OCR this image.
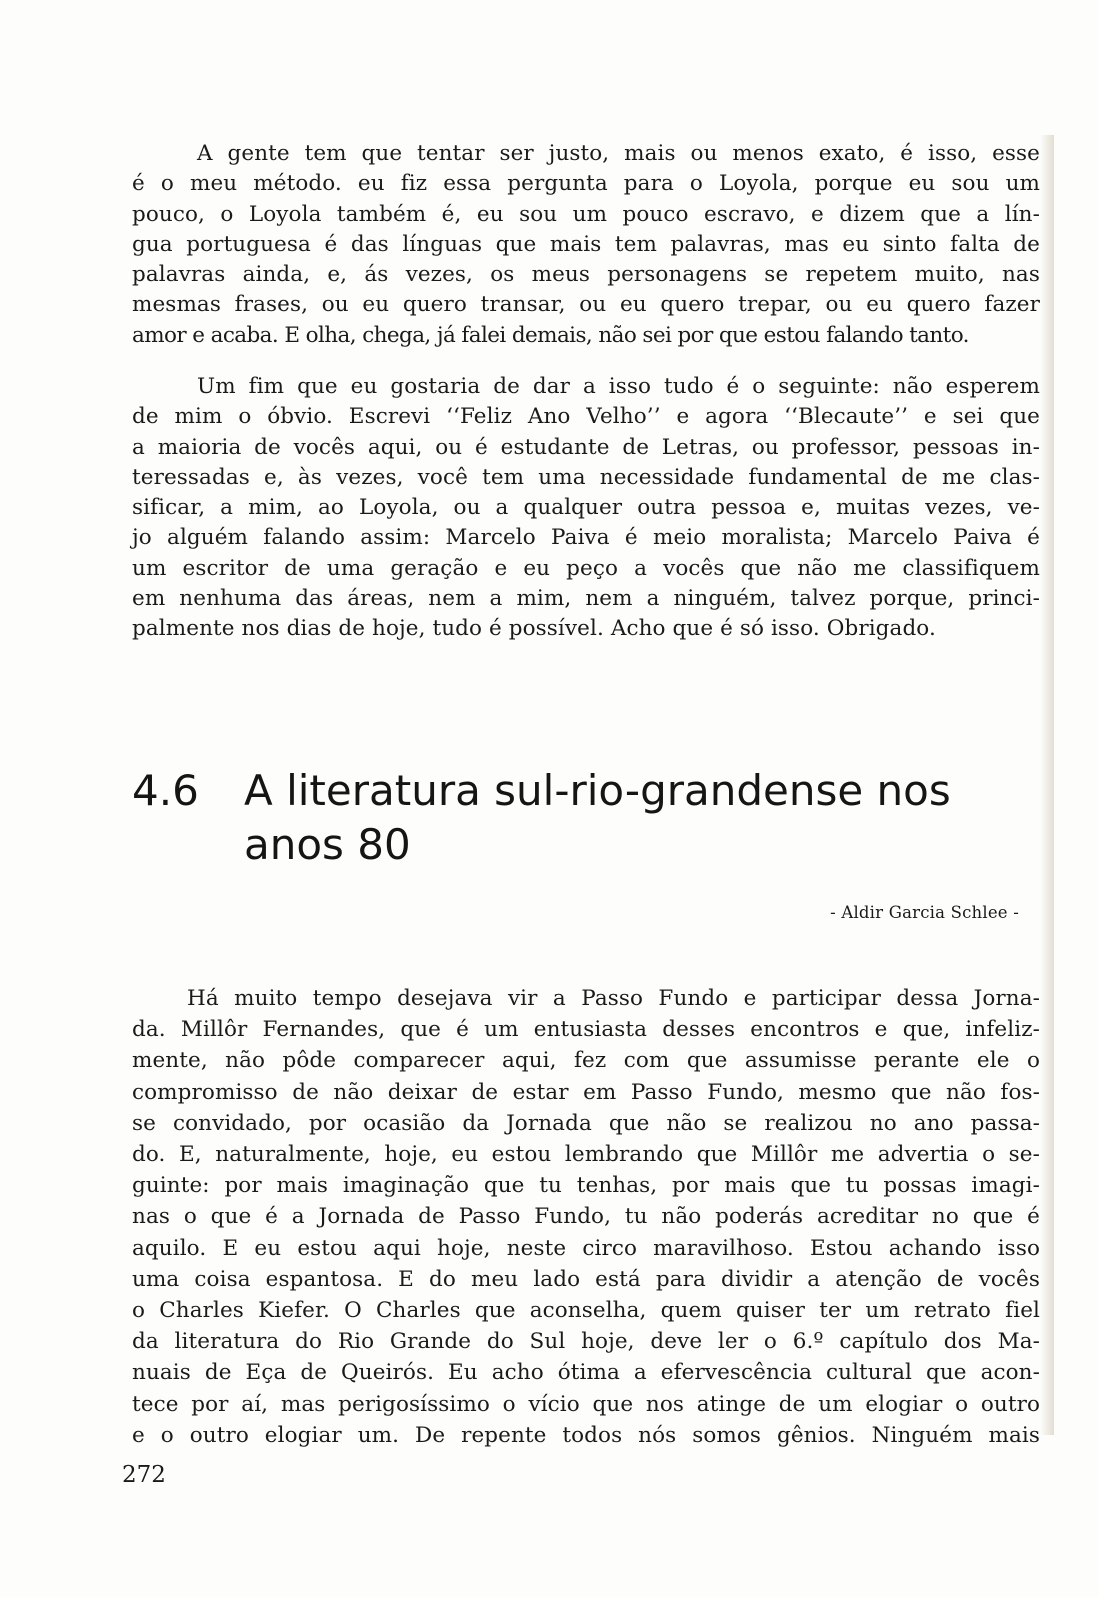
A gente tem que tentar ser justo, mais ou menos exato, é isso, esse
é o meu método. eu fiz essa pergunta para o Loyola, porque eu sou um
pouco, o Loyola também é, eu sou um pouco escravo, e dizem que a lín-
gua portuguesa é das línguas que mais tem palavras, mas eu sinto falta de
palavras ainda, e, ás vezes, os meus personagens se repetem muito, nas
mesmas frases, ou eu quero transar, ou eu quero trepar, ou eu quero fazer
amor e acaba. E olha, chega, já falei demais, não sei por que estou falando tanto.

Um fim que eu gostaria de dar a isso tudo é o seguinte: não esperem
de mim o óbvio. Escrevi ‘‘Feliz Ano Velho’’ e agora ‘‘Blecaute’’ e sei que
a maioria de vocês aqui, ou é estudante de Letras, ou professor, pessoas in-
teressadas e, às vezes, você tem uma necessidade fundamental de me clas-
sificar, a mim, ao Loyola, ou a qualquer outra pessoa e, muitas vezes, ve-
jo alguém falando assim: Marcelo Paiva é meio moralista; Marcelo Paiva é
um escritor de uma geração e eu peço a vocês que não me classifiquem
em nenhuma das áreas, nem a mim, nem a ninguém, talvez porque, princi-
palmente nos dias de hoje, tudo é possível. Acho que é só isso. Obrigado.

4.6 A literatura sul-rio-grandense nos
anos 80

- Aldir Garcia Schlee -

Há muito tempo desejava vir a Passo Fundo e participar dessa Jorna-
da. Millôr Fernandes, que é um entusiasta desses encontros e que, infeliz-
mente, não pôde comparecer aqui, fez com que assumisse perante ele o
compromisso de não deixar de estar em Passo Fundo, mesmo que não fos-
se convidado, por ocasião da Jornada que não se realizou no ano passa-
do. E, naturalmente, hoje, eu estou lembrando que Millôr me advertia o se-
guinte: por mais imaginação que tu tenhas, por mais que tu possas imagi-
nas o que é a Jornada de Passo Fundo, tu não poderás acreditar no que é
aquilo. E eu estou aqui hoje, neste circo maravilhoso. Estou achando isso
uma coisa espantosa. E do meu lado está para dividir a atenção de vocês
o Charles Kiefer. O Charles que aconselha, quem quiser ter um retrato fiel
da literatura do Rio Grande do Sul hoje, deve ler o 6.º capítulo dos Ma-
nuais de Eça de Queirós. Eu acho ótima a efervescência cultural que acon-
tece por aí, mas perigosíssimo o vício que nos atinge de um elogiar o outro
e o outro elogiar um. De repente todos nós somos gênios. Ninguém mais

272
